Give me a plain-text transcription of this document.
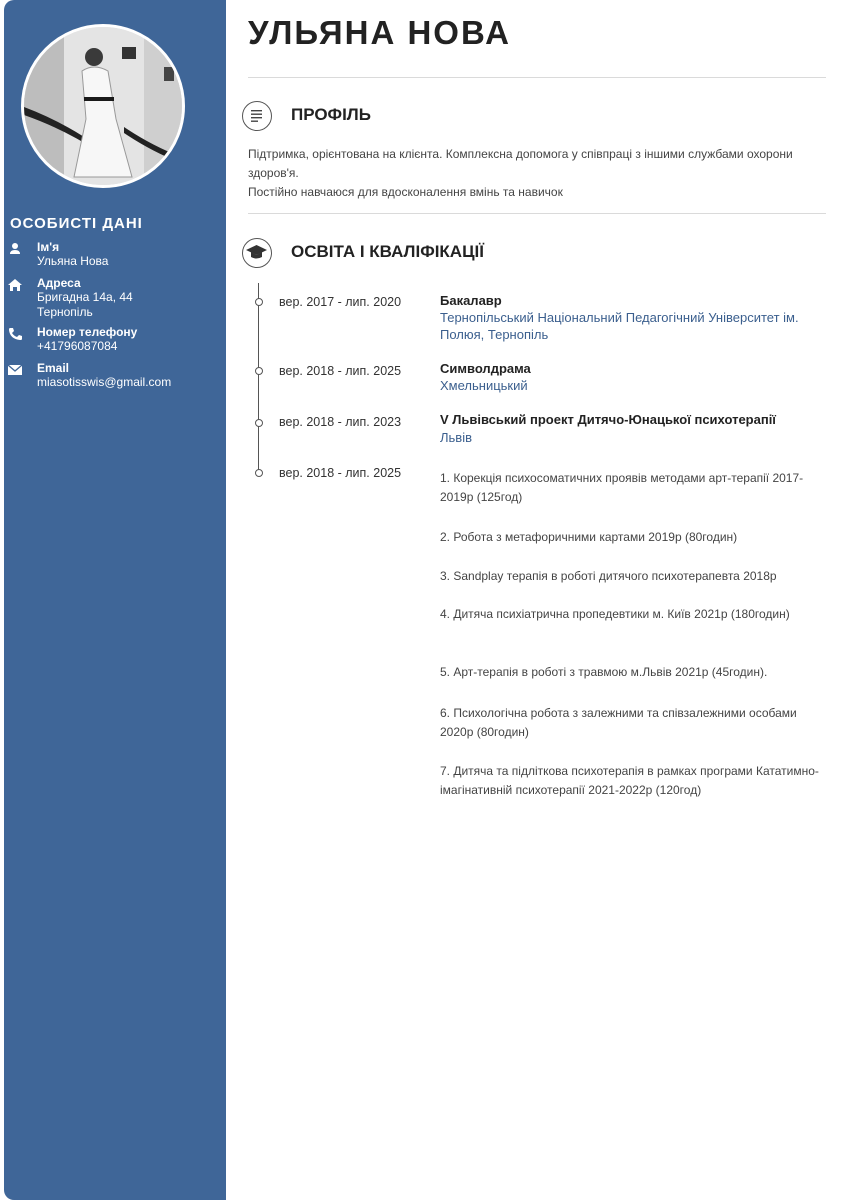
ОСОБИСТІ ДАНІ
Ім'я
Ульяна Нова
Адреса
Бригадна 14а, 44
Тернопіль
Номер телефону
+41796087084
Email
miasotisswis@gmail.com
УЛЬЯНА НОВА
ПРОФІЛЬ

Підтримка, орієнтована на клієнта. Комплексна допомога у співпраці з іншими службами охорони здоров'я.

Постійно навчаюся для вдосконалення вмінь та навичок

ОСВІТА І КВАЛІФІКАЦІЇ
вер. 2017 - лип. 2020	Бакалавр
Тернопільський Національний Педагогічний Університет ім. Полюя, Тернопіль
вер. 2018 - лип. 2025	Символдрама
Хмельницький
вер. 2018 - лип. 2023	V Львівський проект Дитячо-Юнацької психотерапії
Львів
вер. 2018 - лип. 2025	1. Корекція психосоматичних проявів методами арт-терапії 2017-2019р (125год)
2. Робота з метафоричними картами 2019р (80годин)
3. Sandplay терапія в роботі дитячого психотерапевта 2018р
4. Дитяча психіатрична пропедевтики м. Київ 2021р (180годин)
5. Арт-терапія в роботі з травмою м.Львів 2021р (45годин).
6. Психологічна робота з залежними та співзалежними особами 2020р (80годин)
7. Дитяча та підліткова психотерапія в рамках програми Кататимно-імагінативній психотерапії 2021-2022р (120год)
